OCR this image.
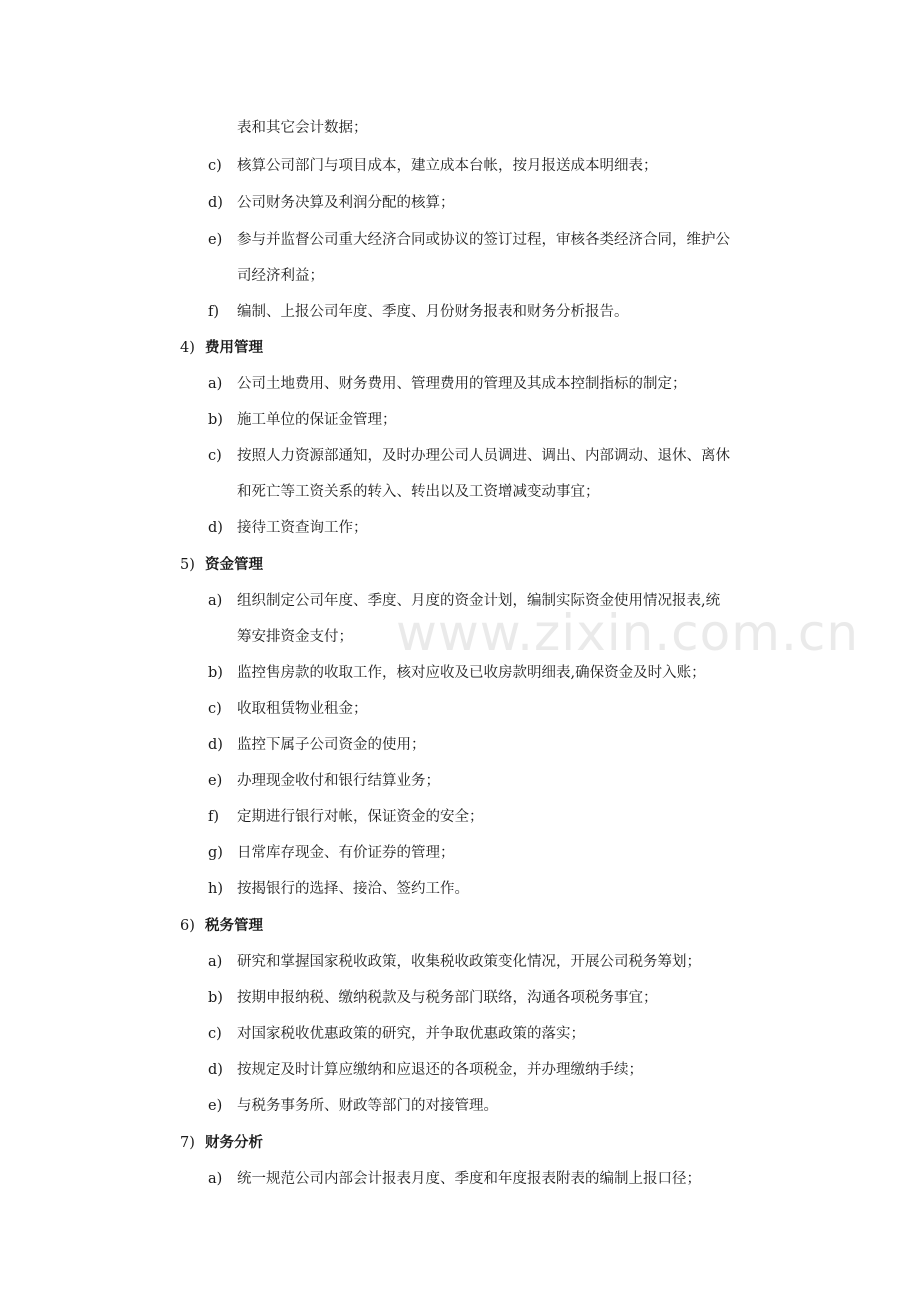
表和其它会计数据；
c) 核算公司部门与项目成本，建立成本台帐，按月报送成本明细表；
d) 公司财务决算及利润分配的核算；
e) 参与并监督公司重大经济合同或协议的签订过程，审核各类经济合同，维护公
司经济利益；
f) 编制、上报公司年度、季度、月份财务报表和财务分析报告。
4) 费用管理
a) 公司土地费用、财务费用、管理费用的管理及其成本控制指标的制定；
b) 施工单位的保证金管理；
c) 按照人力资源部通知，及时办理公司人员调进、调出、内部调动、退休、离休
和死亡等工资关系的转入、转出以及工资增减变动事宜；
d) 接待工资查询工作；
5) 资金管理
a) 组织制定公司年度、季度、月度的资金计划，编制实际资金使用情况报表,统
筹安排资金支付；
b) 监控售房款的收取工作，核对应收及已收房款明细表,确保资金及时入账；
c) 收取租赁物业租金；
d) 监控下属子公司资金的使用；
e) 办理现金收付和银行结算业务；
f) 定期进行银行对帐，保证资金的安全；
g) 日常库存现金、有价证券的管理；
h) 按揭银行的选择、接洽、签约工作。
6) 税务管理
a) 研究和掌握国家税收政策，收集税收政策变化情况，开展公司税务筹划；
b) 按期申报纳税、缴纳税款及与税务部门联络，沟通各项税务事宜；
c) 对国家税收优惠政策的研究，并争取优惠政策的落实；
d) 按规定及时计算应缴纳和应退还的各项税金，并办理缴纳手续；
e) 与税务事务所、财政等部门的对接管理。
7) 财务分析
a) 统一规范公司内部会计报表月度、季度和年度报表附表的编制上报口径；
www.zixin.com.cn
